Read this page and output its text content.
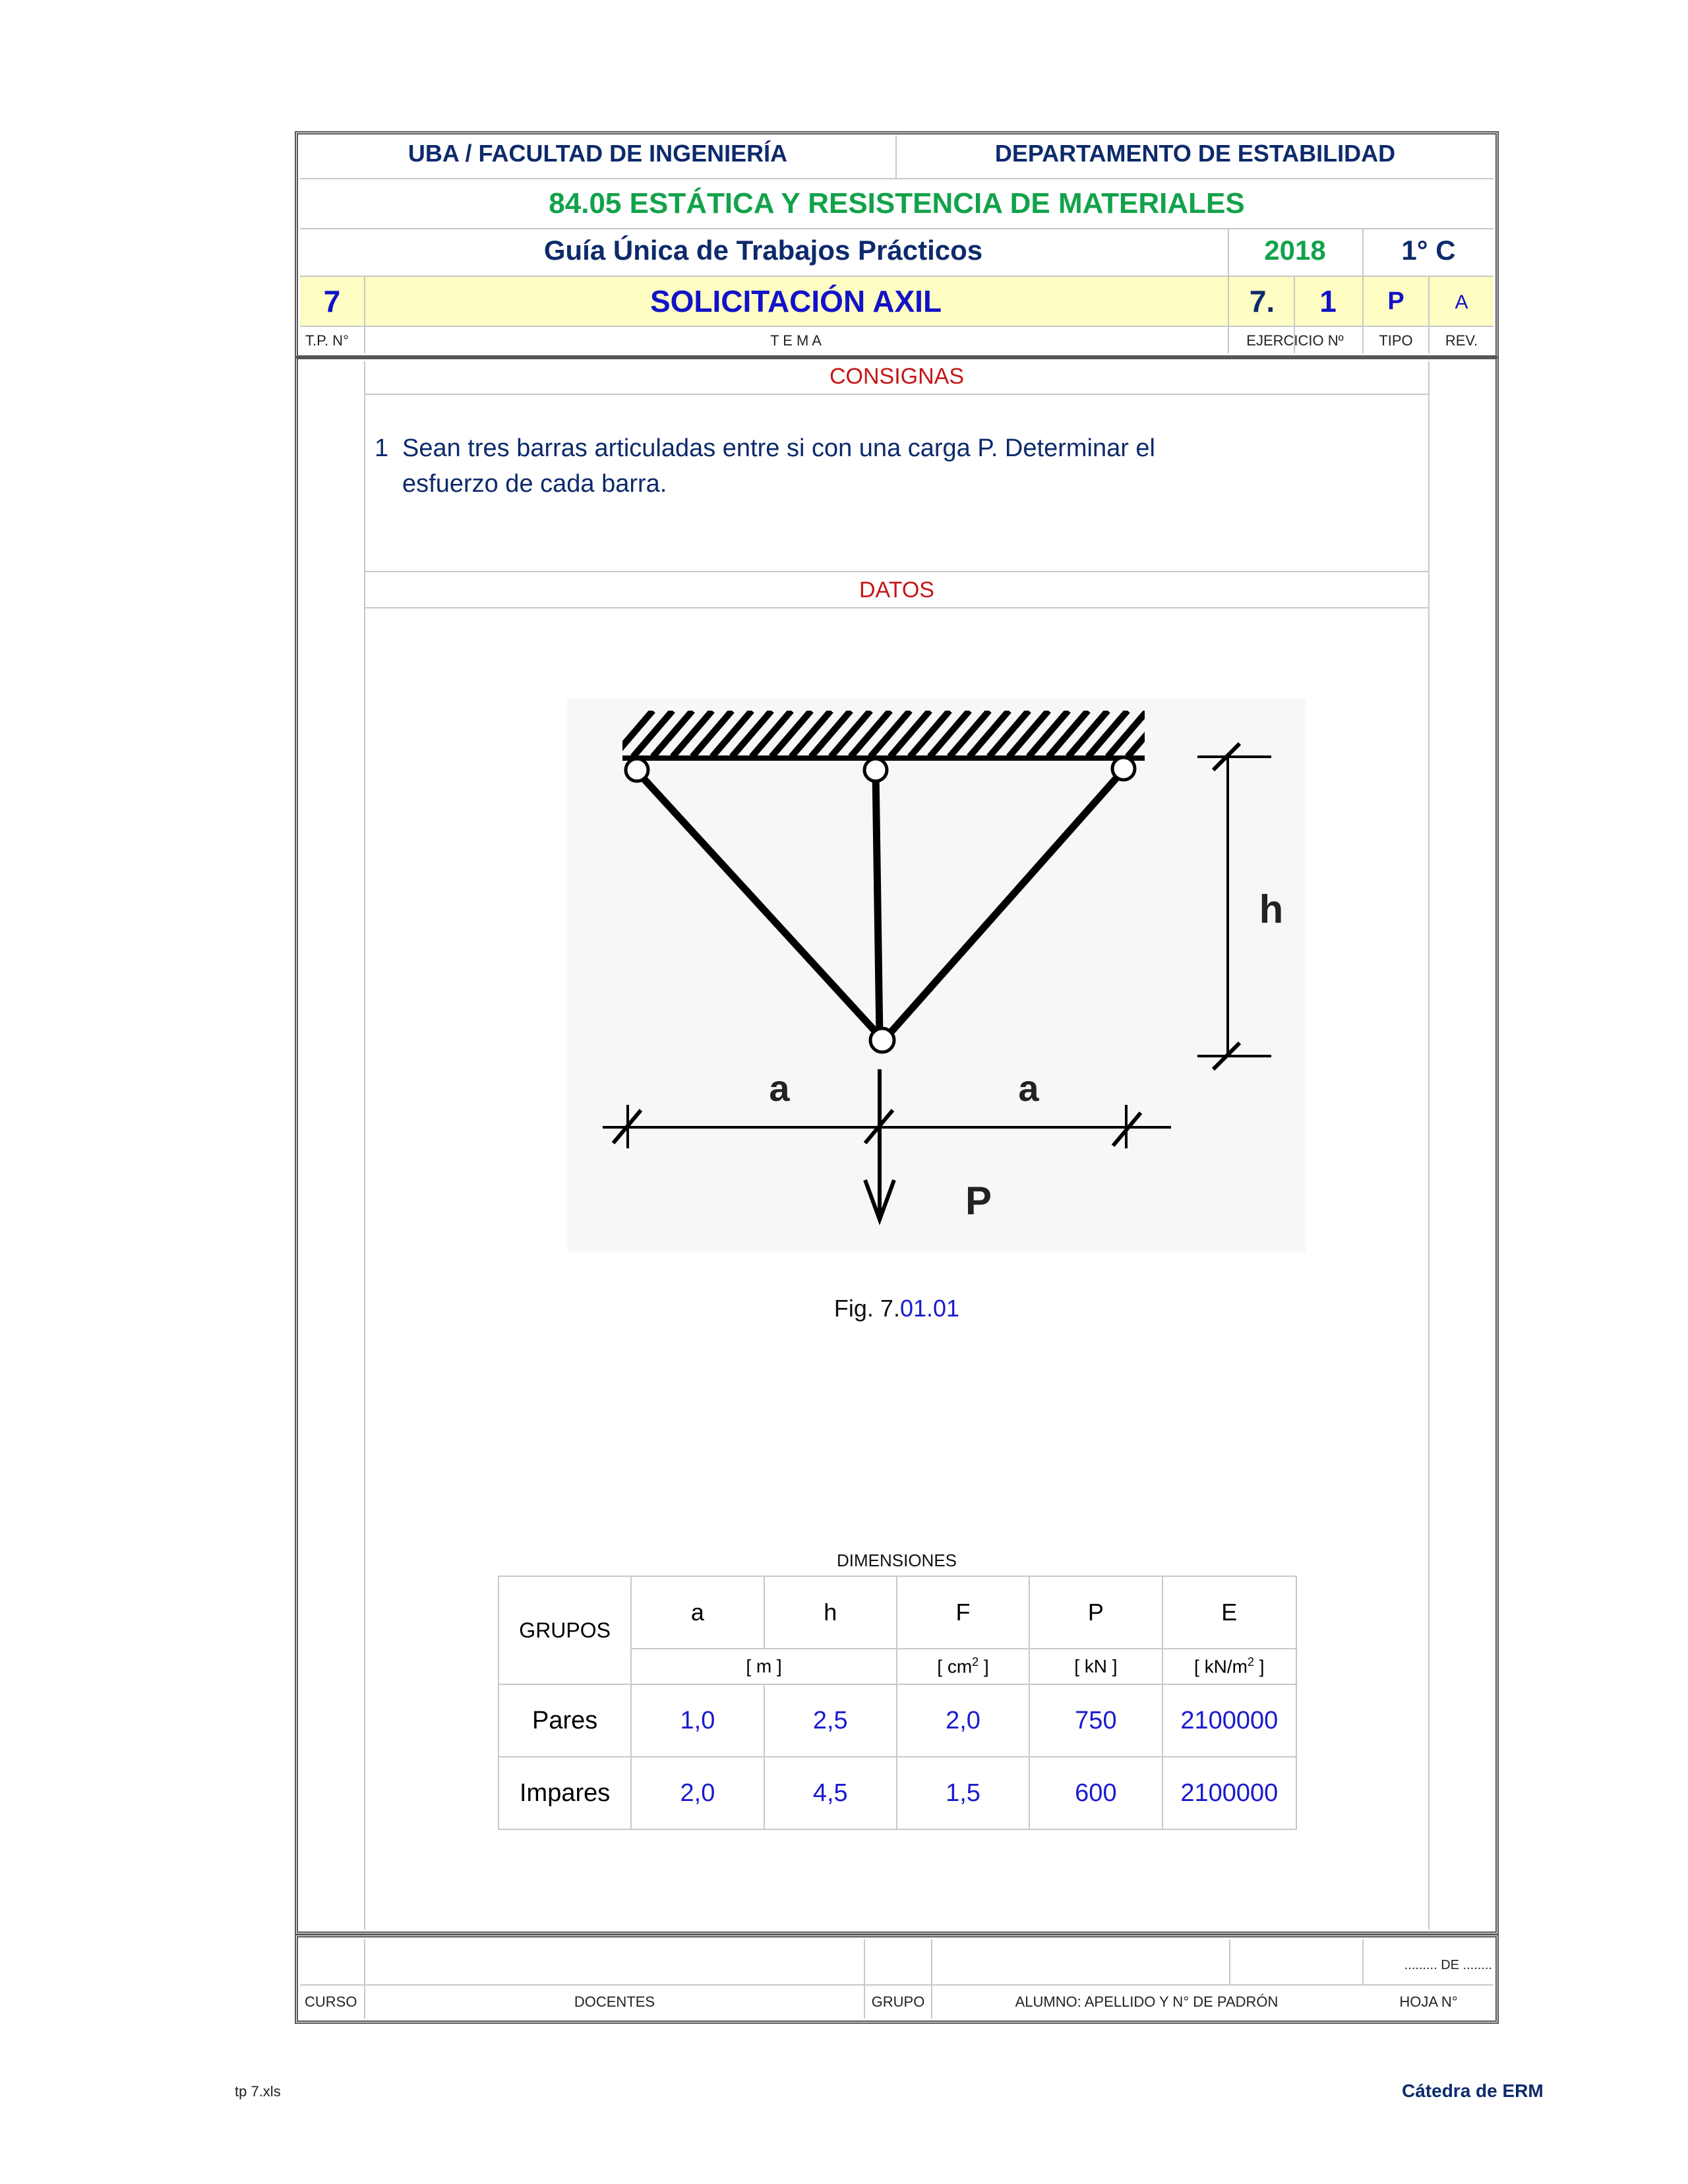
UBA / FACULTAD DE INGENIERÍA	DEPARTAMENTO DE ESTABILIDAD
84.05 ESTÁTICA Y RESISTENCIA DE MATERIALES
Guía Única de Trabajos Prácticos	2018	1° C
7	SOLICITACIÓN AXIL	7.	1	P	A
T.P. N°	T E M A	EJERCICIO Nº	TIPO	REV.
CONSIGNAS
1 Sean tres barras articuladas entre si con una carga P. Determinar el
esfuerzo de cada barra.
DATOS
a	a
h
P
Fig. 7.01.01
DIMENSIONES
GRUPOS	a	h	F	P	E
	[ m ]		[ $cm^2$ ]	[ kN ]	[ $kN/m^2$ ]
Pares	1,0	2,5	2,0	750	2100000
Impares	2,0	4,5	1,5	600	2100000
......... DE ........
CURSO	DOCENTES	GRUPO	ALUMNO: APELLIDO Y N° DE PADRÓN	HOJA N°
tp 7.xls	Cátedra de ERM
